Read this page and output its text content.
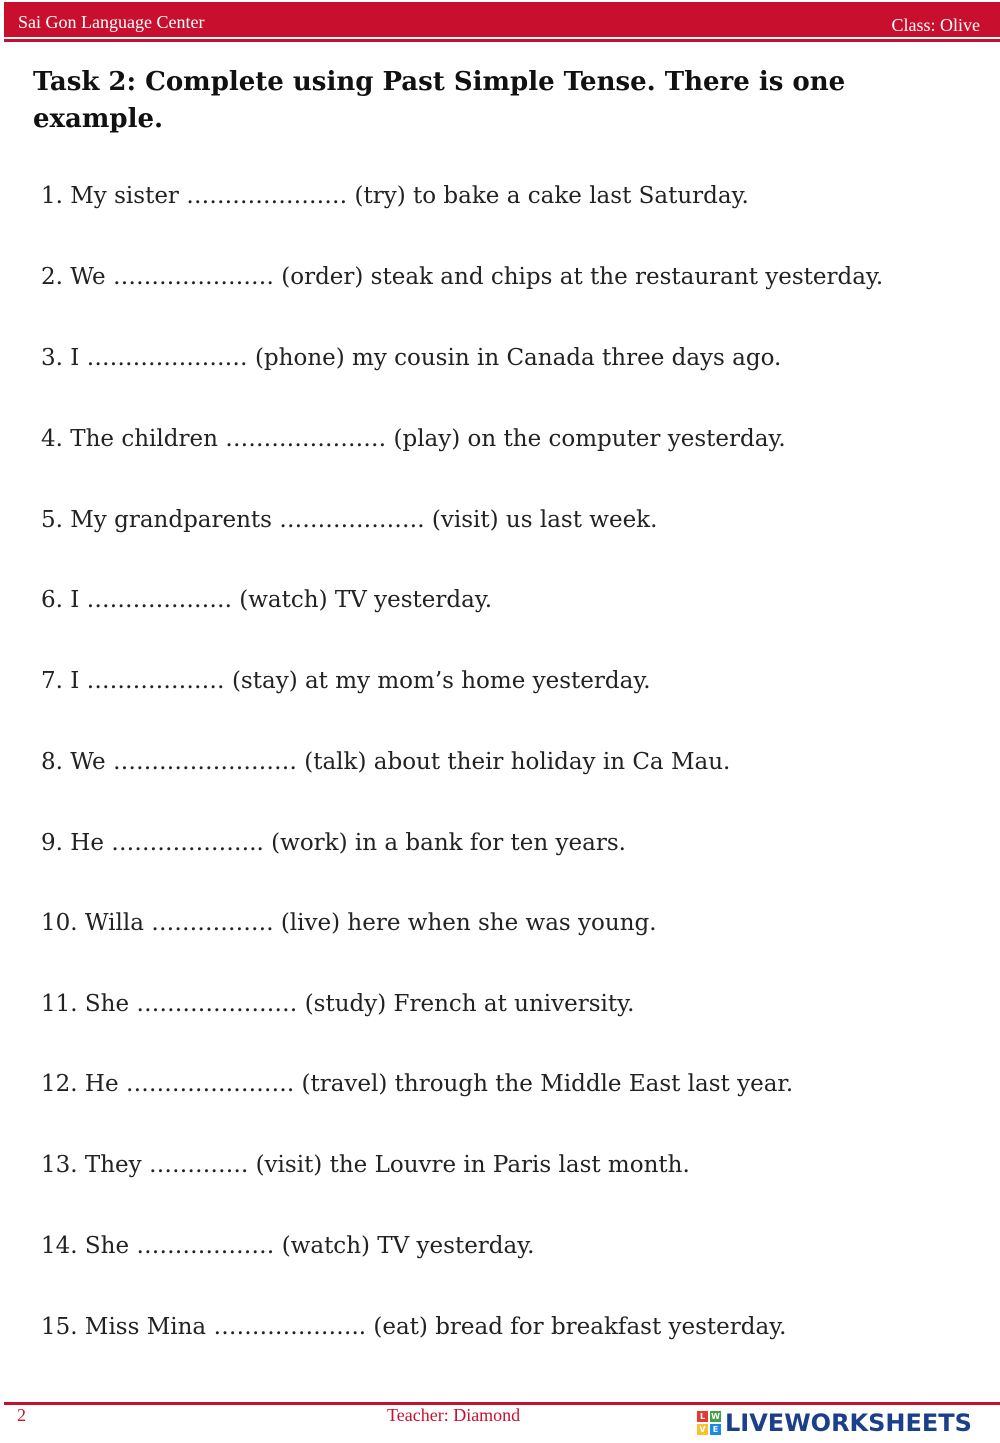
Sai Gon Language Center	Class: Olive
Task 2: Complete using Past Simple Tense. There is one example.
1. My sister ………………… (try) to bake a cake last Saturday.
2. We ………………… (order) steak and chips at the restaurant yesterday.
3. I ………………… (phone) my cousin in Canada three days ago.
4. The children ………………… (play) on the computer yesterday.
5. My grandparents ………………. (visit) us last week.
6. I ………………. (watch) TV yesterday.
7. I ……………… (stay) at my mom’s home yesterday.
8. We …………………… (talk) about their holiday in Ca Mau.
9. He ……………….. (work) in a bank for ten years.
10. Willa ……………. (live) here when she was young.
11. She ………………… (study) French at university.
12. He …………………. (travel) through the Middle East last year.
13. They …………. (visit) the Louvre in Paris last month.
14. She ……………… (watch) TV yesterday.
15. Miss Mina ……………….. (eat) bread for breakfast yesterday.
2	Teacher: Diamond	L W
V E LIVEWORKSHEETS
